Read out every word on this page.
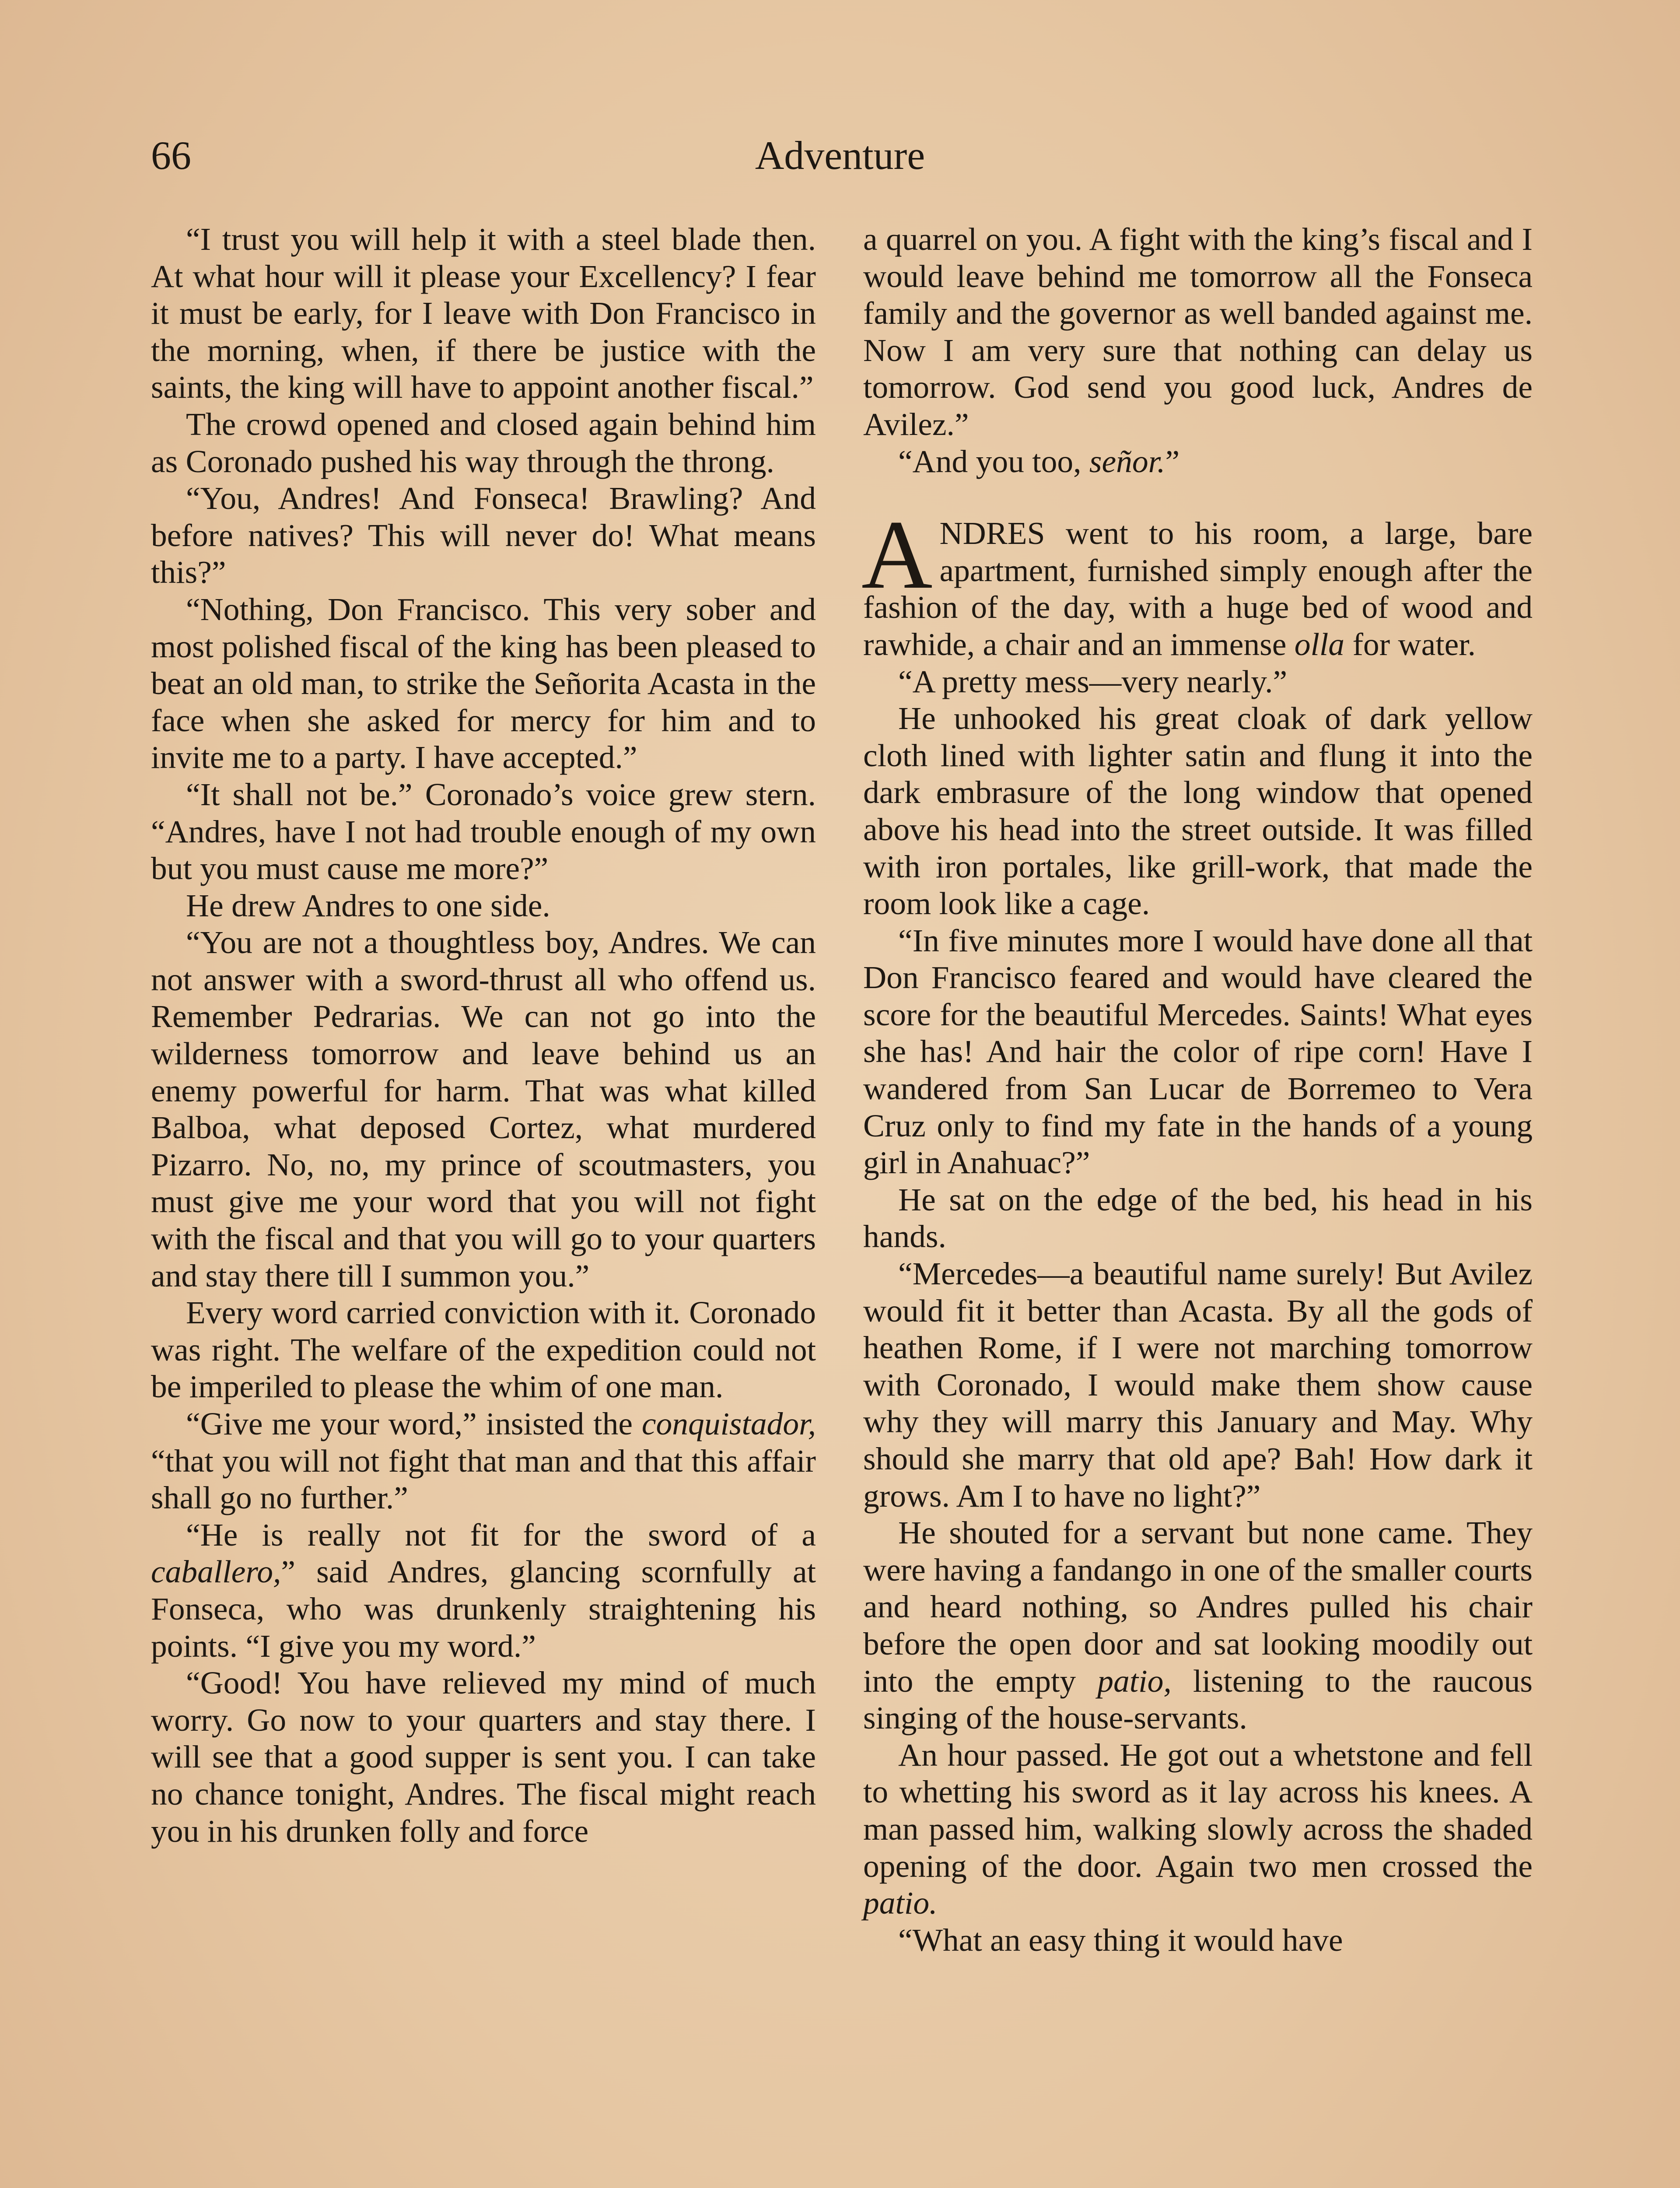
66	Adventure

“I trust you will help it with a steel blade then. At what hour will it please your Excellency? I fear it must be early, for I leave with Don Francisco in the morning, when, if there be justice with the saints, the king will have to appoint another fiscal.”

The crowd opened and closed again behind him as Coronado pushed his way through the throng.

“You, Andres! And Fonseca! Brawling? And before natives? This will never do! What means this?”

“Nothing, Don Francisco. This very sober and most polished fiscal of the king has been pleased to beat an old man, to strike the Señorita Acasta in the face when she asked for mercy for him and to invite me to a party. I have accepted.”

“It shall not be.” Coronado’s voice grew stern. “Andres, have I not had trouble enough of my own but you must cause me more?”

He drew Andres to one side.

“You are not a thoughtless boy, Andres. We can not answer with a sword-thrust all who offend us. Remember Pedrarias. We can not go into the wilderness tomorrow and leave behind us an enemy powerful for harm. That was what killed Balboa, what deposed Cortez, what murdered Pizarro. No, no, my prince of scoutmasters, you must give me your word that you will not fight with the fiscal and that you will go to your quarters and stay there till I summon you.”

Every word carried conviction with it. Coronado was right. The welfare of the expedition could not be imperiled to please the whim of one man.

“Give me your word,” insisted the conquistador, “that you will not fight that man and that this affair shall go no further.”

“He is really not fit for the sword of a caballero,” said Andres, glancing scornfully at Fonseca, who was drunkenly straightening his points. “I give you my word.”

“Good! You have relieved my mind of much worry. Go now to your quarters and stay there. I will see that a good supper is sent you. I can take no chance tonight, Andres. The fiscal might reach you in his drunken folly and force

a quarrel on you. A fight with the king’s fiscal and I would leave behind me tomorrow all the Fonseca family and the governor as well banded against me. Now I am very sure that nothing can delay us tomorrow. God send you good luck, Andres de Avilez.”

“And you too, señor.”

ANDRES went to his room, a large, bare apartment, furnished simply enough after the fashion of the day, with a huge bed of wood and rawhide, a chair and an immense olla for water.

“A pretty mess—very nearly.”

He unhooked his great cloak of dark yellow cloth lined with lighter satin and flung it into the dark embrasure of the long window that opened above his head into the street outside. It was filled with iron portales, like grill-work, that made the room look like a cage.

“In five minutes more I would have done all that Don Francisco feared and would have cleared the score for the beautiful Mercedes. Saints! What eyes she has! And hair the color of ripe corn! Have I wandered from San Lucar de Borremeo to Vera Cruz only to find my fate in the hands of a young girl in Anahuac?”

He sat on the edge of the bed, his head in his hands.

“Mercedes—a beautiful name surely! But Avilez would fit it better than Acasta. By all the gods of heathen Rome, if I were not marching tomorrow with Coronado, I would make them show cause why they will marry this January and May. Why should she marry that old ape? Bah! How dark it grows. Am I to have no light?”

He shouted for a servant but none came. They were having a fandango in one of the smaller courts and heard nothing, so Andres pulled his chair before the open door and sat looking moodily out into the empty patio, listening to the raucous singing of the house-servants.

An hour passed. He got out a whetstone and fell to whetting his sword as it lay across his knees. A man passed him, walking slowly across the shaded opening of the door. Again two men crossed the patio.

“What an easy thing it would have
